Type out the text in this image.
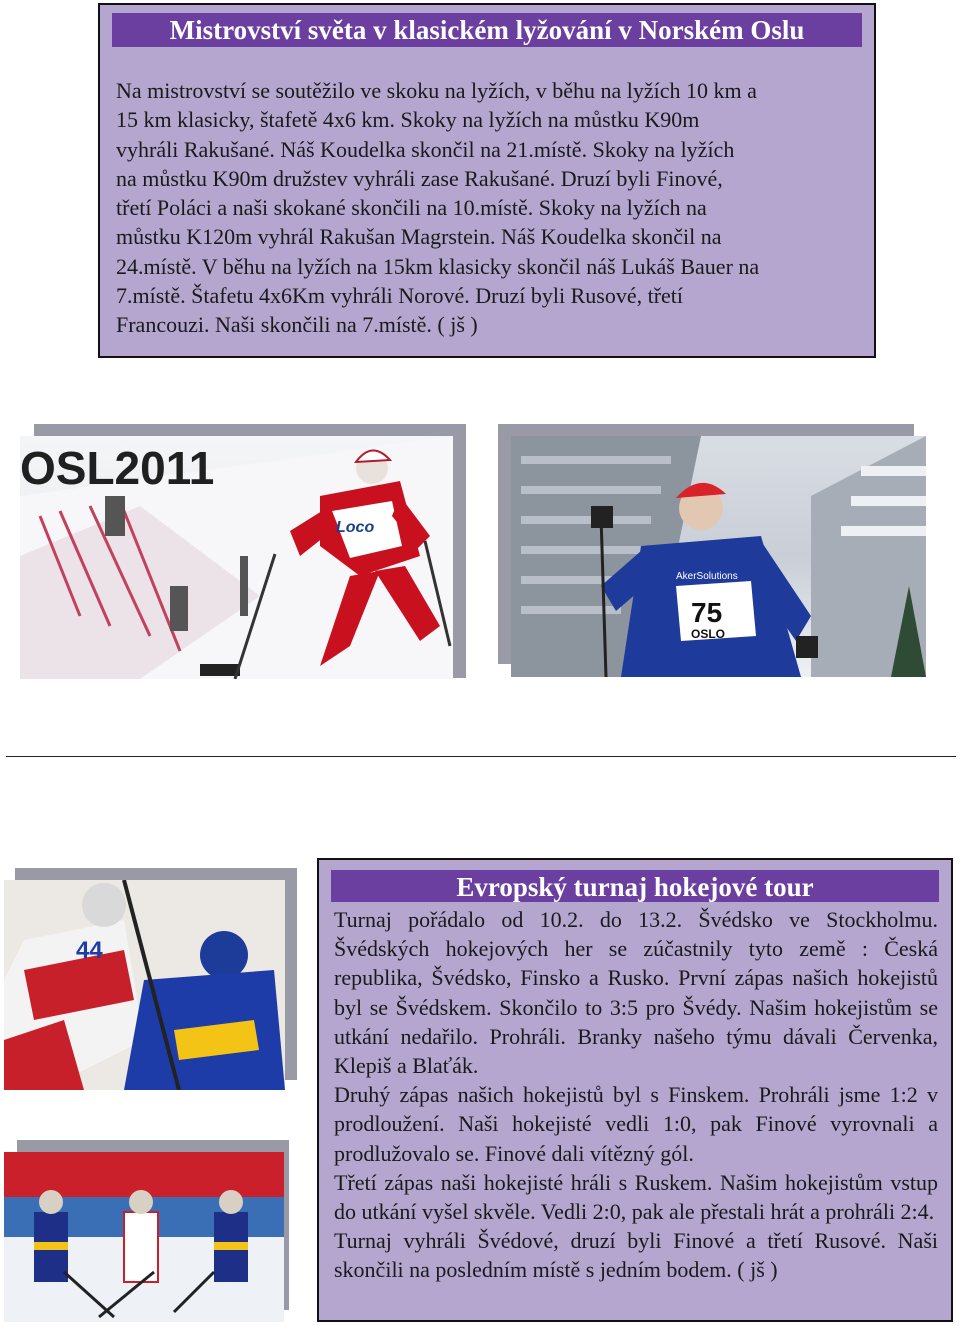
Mistrovství světa v klasickém lyžování v Norském Oslu
Na mistrovství se soutěžilo ve skoku na lyžích, v běhu na lyžích 10 km a
15 km klasicky, štafetě 4x6 km. Skoky na lyžích na můstku K90m
vyhráli Rakušané. Náš Koudelka skončil na 21.místě. Skoky na lyžích
na můstku K90m družstev vyhráli zase Rakušané. Druzí byli Finové,
třetí Poláci a naši skokané skončili na 10.místě. Skoky na lyžích na
můstku K120m vyhrál Rakušan Magrstein. Náš Koudelka skončil na
24.místě. V běhu na lyžích na 15km klasicky skončil náš Lukáš Bauer na
7.místě. Štafetu 4x6Km vyhráli Norové. Druzí byli Rusové, třetí
Francouzi. Naši skončili na 7.místě. ( jš )
Loco
OSL2011
75
OSLO
AkerSolutions
44
Evropský turnaj hokejové tour

Turnaj pořádalo od 10.2. do 13.2. Švédsko ve Stockholmu. Švédských hokejových her se zúčastnily tyto země : Česká republika, Švédsko, Finsko a Rusko. První zápas našich hokejistů byl se Švédskem. Skončilo to 3:5 pro Švédy. Našim hokejistům se utkání nedařilo. Prohráli. Branky našeho týmu dávali Červenka, Klepiš a Blaťák.

Druhý zápas našich hokejistů byl s Finskem. Prohráli jsme 1:2 v prodloužení. Naši hokejisté vedli 1:0, pak Finové vyrovnali a prodlužovalo se. Finové dali vítězný gól.

Třetí zápas naši hokejisté hráli s Ruskem. Našim hokejistům vstup do utkání vyšel skvěle. Vedli 2:0, pak ale přestali hrát a prohráli 2:4.

Turnaj vyhráli Švédové, druzí byli Finové a třetí Rusové. Naši skončili na posledním místě s jedním bodem. ( jš )
